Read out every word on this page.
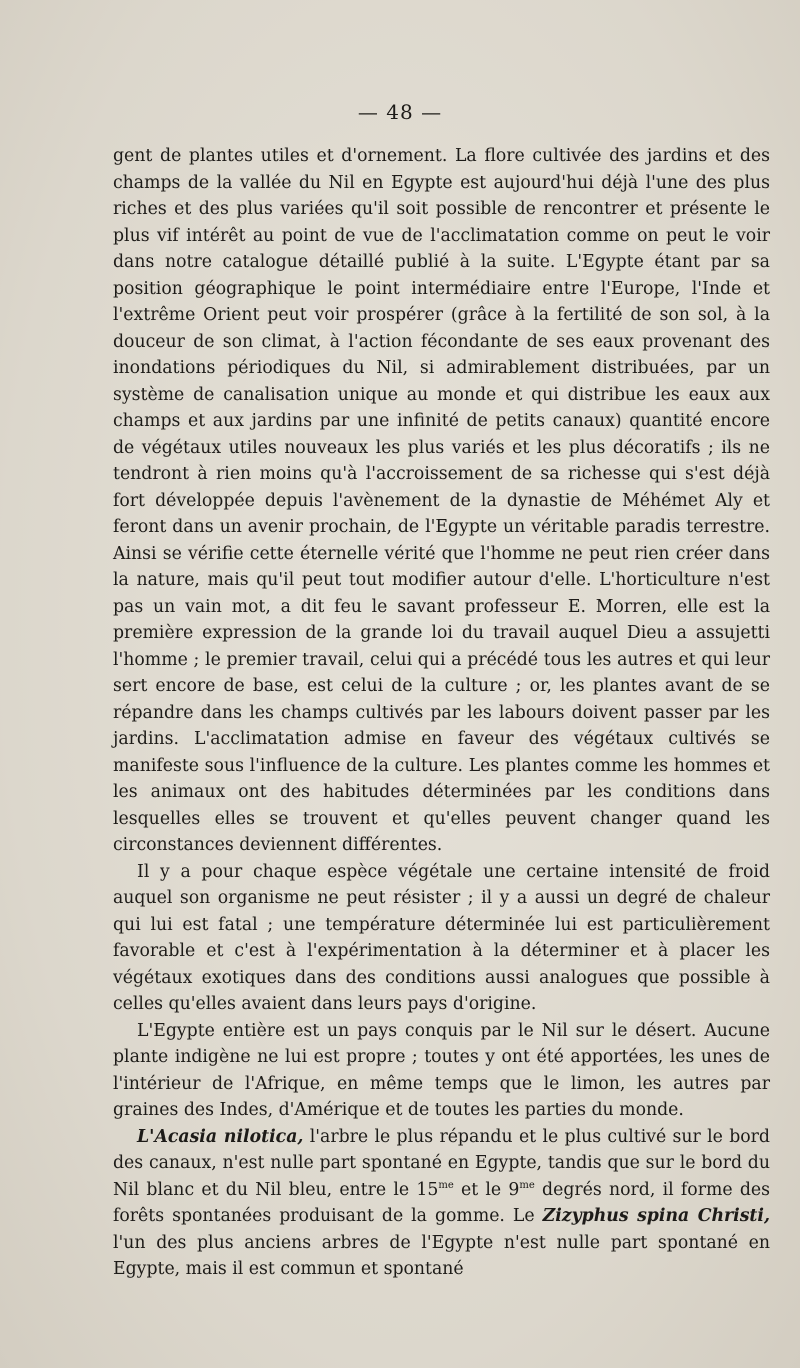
— 48 —

gent de plantes utiles et d'ornement. La flore cultivée des jardins et des champs de la vallée du Nil en Egypte est aujourd'hui déjà l'une des plus riches et des plus variées qu'il soit possible de rencontrer et présente le plus vif intérêt au point de vue de l'acclimatation comme on peut le voir dans notre catalogue détaillé publié à la suite. L'Egypte étant par sa position géographique le point intermédiaire entre l'Europe, l'Inde et l'extrême Orient peut voir prospérer (grâce à la fertilité de son sol, à la douceur de son climat, à l'action fécondante de ses eaux provenant des inondations périodiques du Nil, si admirablement distribuées, par un système de canalisation unique au monde et qui distribue les eaux aux champs et aux jardins par une infinité de petits canaux) quantité encore de végétaux utiles nouveaux les plus variés et les plus décoratifs ; ils ne tendront à rien moins qu'à l'accroissement de sa richesse qui s'est déjà fort développée depuis l'avènement de la dynastie de Méhémet Aly et feront dans un avenir prochain, de l'Egypte un véritable paradis terrestre. Ainsi se vérifie cette éternelle vérité que l'homme ne peut rien créer dans la nature, mais qu'il peut tout modifier autour d'elle. L'horticulture n'est pas un vain mot, a dit feu le savant professeur E. Morren, elle est la première expression de la grande loi du travail auquel Dieu a assujetti l'homme ; le premier travail, celui qui a précédé tous les autres et qui leur sert encore de base, est celui de la culture ; or, les plantes avant de se répandre dans les champs cultivés par les labours doivent passer par les jardins. L'acclimatation admise en faveur des végétaux cultivés se manifeste sous l'influence de la culture. Les plantes comme les hommes et les animaux ont des habitudes déterminées par les conditions dans lesquelles elles se trouvent et qu'elles peuvent changer quand les circonstances deviennent différentes.

Il y a pour chaque espèce végétale une certaine intensité de froid auquel son organisme ne peut résister ; il y a aussi un degré de chaleur qui lui est fatal ; une température déterminée lui est particulièrement favorable et c'est à l'expérimentation à la déterminer et à placer les végétaux exotiques dans des conditions aussi analogues que possible à celles qu'elles avaient dans leurs pays d'origine.

L'Egypte entière est un pays conquis par le Nil sur le désert. Aucune plante indigène ne lui est propre ; toutes y ont été apportées, les unes de l'intérieur de l'Afrique, en même temps que le limon, les autres par graines des Indes, d'Amérique et de toutes les parties du monde.

L'Acasia nilotica, l'arbre le plus répandu et le plus cultivé sur le bord des canaux, n'est nulle part spontané en Egypte, tandis que sur le bord du Nil blanc et du Nil bleu, entre le $15^{me}$ et le $9^{me}$ degrés nord, il forme des forêts spontanées produisant de la gomme. Le Zizyphus spina Christi, l'un des plus anciens arbres de l'Egypte n'est nulle part spontané en Egypte, mais il est commun et spontané
